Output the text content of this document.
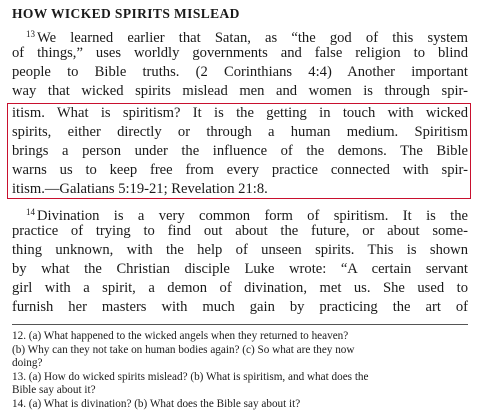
HOW WICKED SPIRITS MISLEAD
$^{13}$ We learned earlier that Satan, as “the god of this system
of things,” uses worldly governments and false religion to blind
people to Bible truths. (2 Corinthians 4:4) Another important
way that wicked spirits mislead men and women is through spir-
itism. What is spiritism? It is the getting in touch with wicked
spirits, either directly or through a human medium. Spiritism
brings a person under the influence of the demons. The Bible
warns us to keep free from every practice connected with spir-
itism.—Galatians 5:19-21; Revelation 21:8.
$^{14}$ Divination is a very common form of spiritism. It is the
practice of trying to find out about the future, or about some-
thing unknown, with the help of unseen spirits. This is shown
by what the Christian disciple Luke wrote: “A certain servant
girl with a spirit, a demon of divination, met us. She used to
furnish her masters with much gain by practicing the art of
12. (a) What happened to the wicked angels when they returned to heaven?
(b) Why can they not take on human bodies again? (c) So what are they now
doing?
13. (a) How do wicked spirits mislead? (b) What is spiritism, and what does the
Bible say about it?
14. (a) What is divination? (b) What does the Bible say about it?
